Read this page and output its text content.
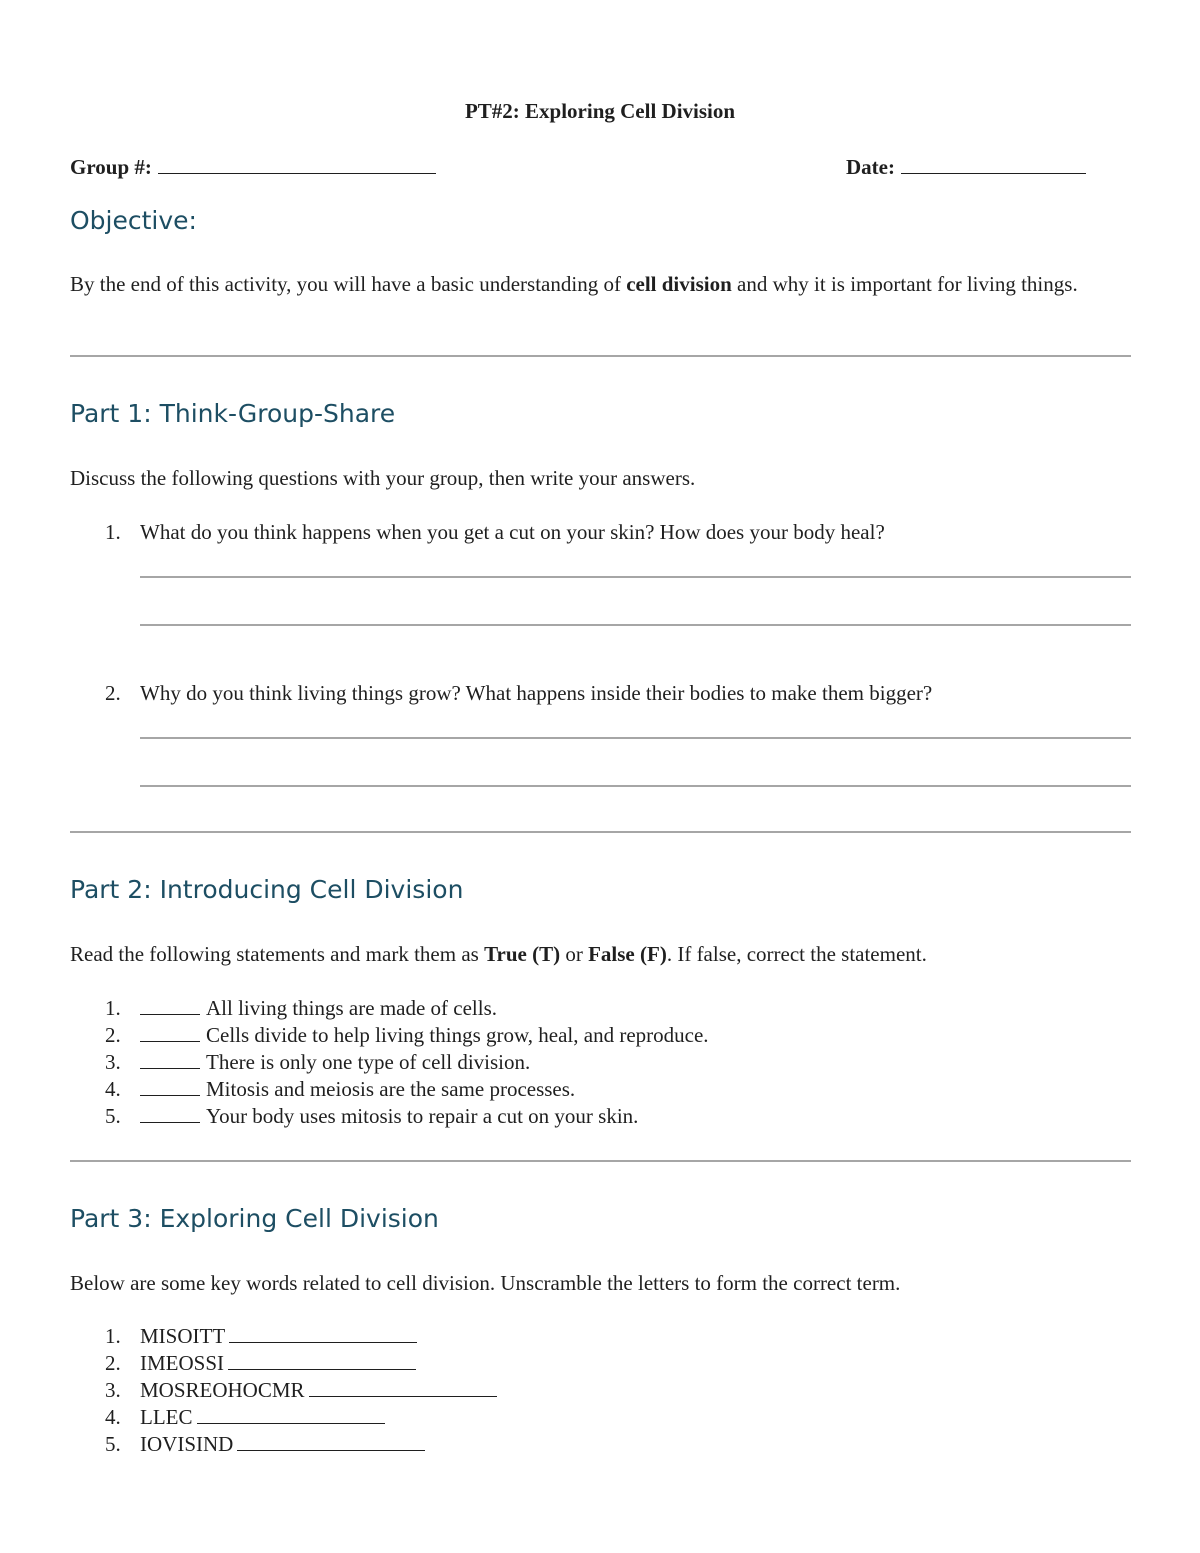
PT#2: Exploring Cell Division
Group #:	Date:
Objective:
By the end of this activity, you will have a basic understanding of cell division and why it is important for living things.
Part 1: Think-Group-Share
Discuss the following questions with your group, then write your answers.
1. What do you think happens when you get a cut on your skin? How does your body heal?
2. Why do you think living things grow? What happens inside their bodies to make them bigger?
Part 2: Introducing Cell Division
Read the following statements and mark them as True (T) or False (F). If false, correct the statement.
1.	All living things are made of cells.
2.	Cells divide to help living things grow, heal, and reproduce.
3.	There is only one type of cell division.
4.	Mitosis and meiosis are the same processes.
5.	Your body uses mitosis to repair a cut on your skin.
Part 3: Exploring Cell Division
Below are some key words related to cell division. Unscramble the letters to form the correct term.
1. MISOITT
2. IMEOSSI
3. MOSREOHOCMR
4. LLEC
5. IOVISIND
